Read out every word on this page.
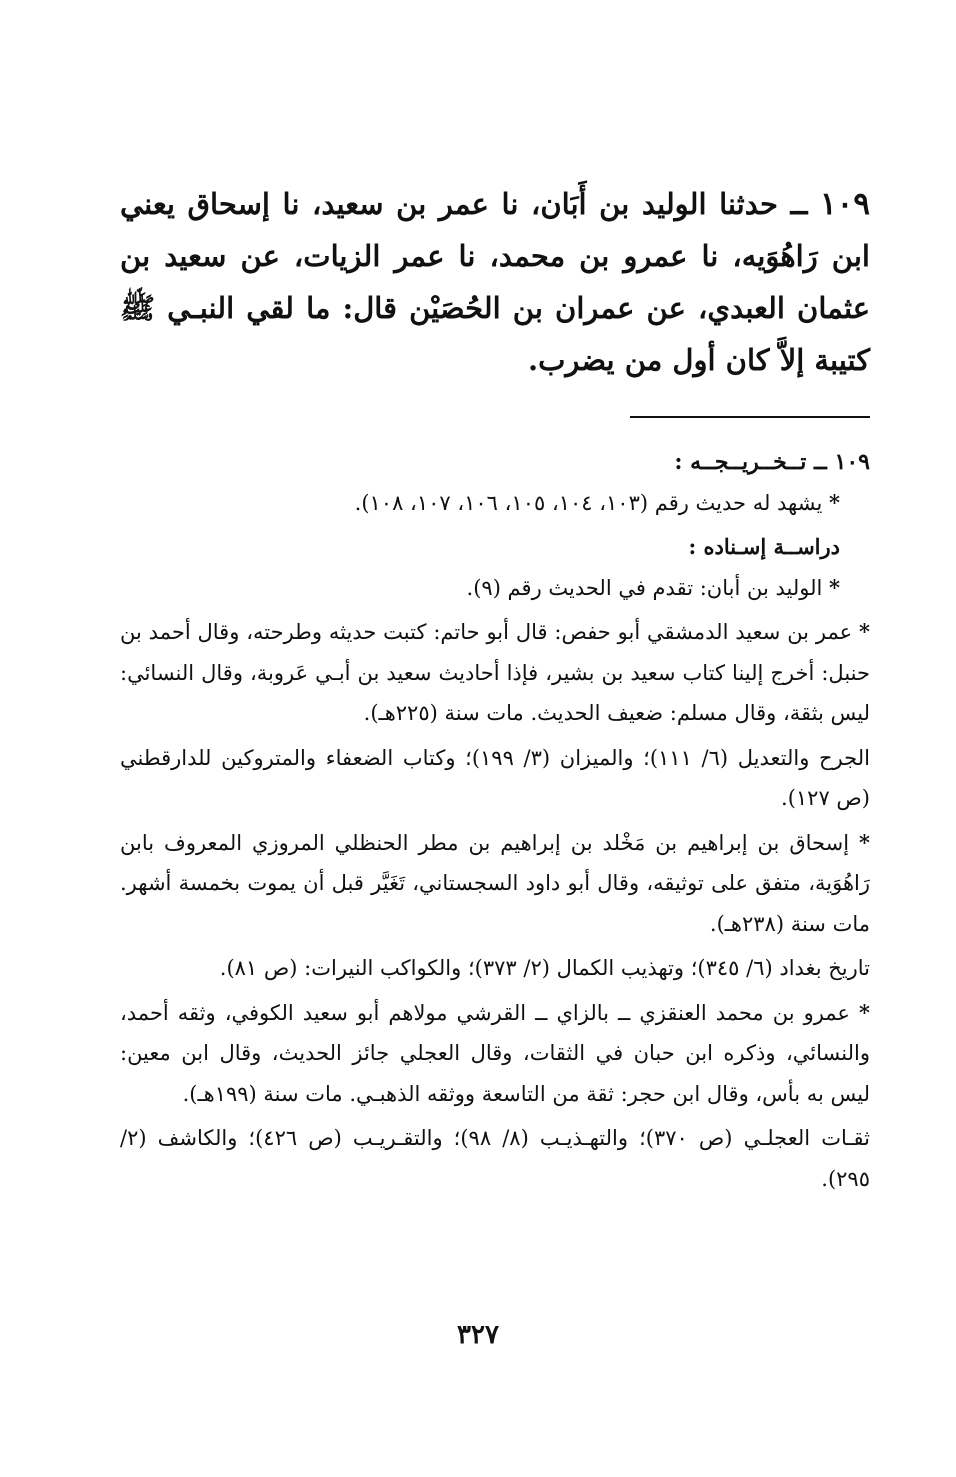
١٠٩ ــ حدثنا الوليد بن أَبَان، نا عمر بن سعيد، نا إسحاق يعني ابن رَاهُوَيه، نا عمرو بن محمد، نا عمر الزيات، عن سعيد بن عثمان العبدي، عن عمران بن الحُصَيْن قال: ما لقي النبـي ﷺ كتيبة إلاَّ كان أول من يضرب.

١٠٩ ــ تــخــريــجــه :

* يشهد له حديث رقم (١٠٣، ١٠٤، ١٠٥، ١٠٦، ١٠٧، ١٠٨).

دراســة إسـناده :

* الوليد بن أبان: تقدم في الحديث رقم (٩).

* عمر بن سعيد الدمشقي أبو حفص: قال أبو حاتم: كتبت حديثه وطرحته، وقال أحمد بن حنبل: أخرج إلينا كتاب سعيد بن بشير، فإذا أحاديث سعيد بن أبـي عَروبة، وقال النسائي: ليس بثقة، وقال مسلم: ضعيف الحديث. مات سنة (٢٢٥هـ).

الجرح والتعديل (٦/ ١١١)؛ والميزان (٣/ ١٩٩)؛ وكتاب الضعفاء والمتروكين للدارقطني (ص ١٢٧).

* إسحاق بن إبراهيم بن مَخْلد بن إبراهيم بن مطر الحنظلي المروزي المعروف بابن رَاهُوَية، متفق على توثيقه، وقال أبو داود السجستاني، تَغَيَّر قبل أن يموت بخمسة أشهر. مات سنة (٢٣٨هـ).

تاريخ بغداد (٦/ ٣٤٥)؛ وتهذيب الكمال (٢/ ٣٧٣)؛ والكواكب النيرات: (ص ٨١).

* عمرو بن محمد العنقزي ــ بالزاي ــ القرشي مولاهم أبو سعيد الكوفي، وثقه أحمد، والنسائي، وذكره ابن حبان في الثقات، وقال العجلي جائز الحديث، وقال ابن معين: ليس به بأس، وقال ابن حجر: ثقة من التاسعة ووثقه الذهبـي. مات سنة (١٩٩هـ).

ثقـات العجلـي (ص ٣٧٠)؛ والتهـذيـب (٨/ ٩٨)؛ والتقـريـب (ص ٤٢٦)؛ والكاشف (٢/ ٢٩٥).

٣٢٧
